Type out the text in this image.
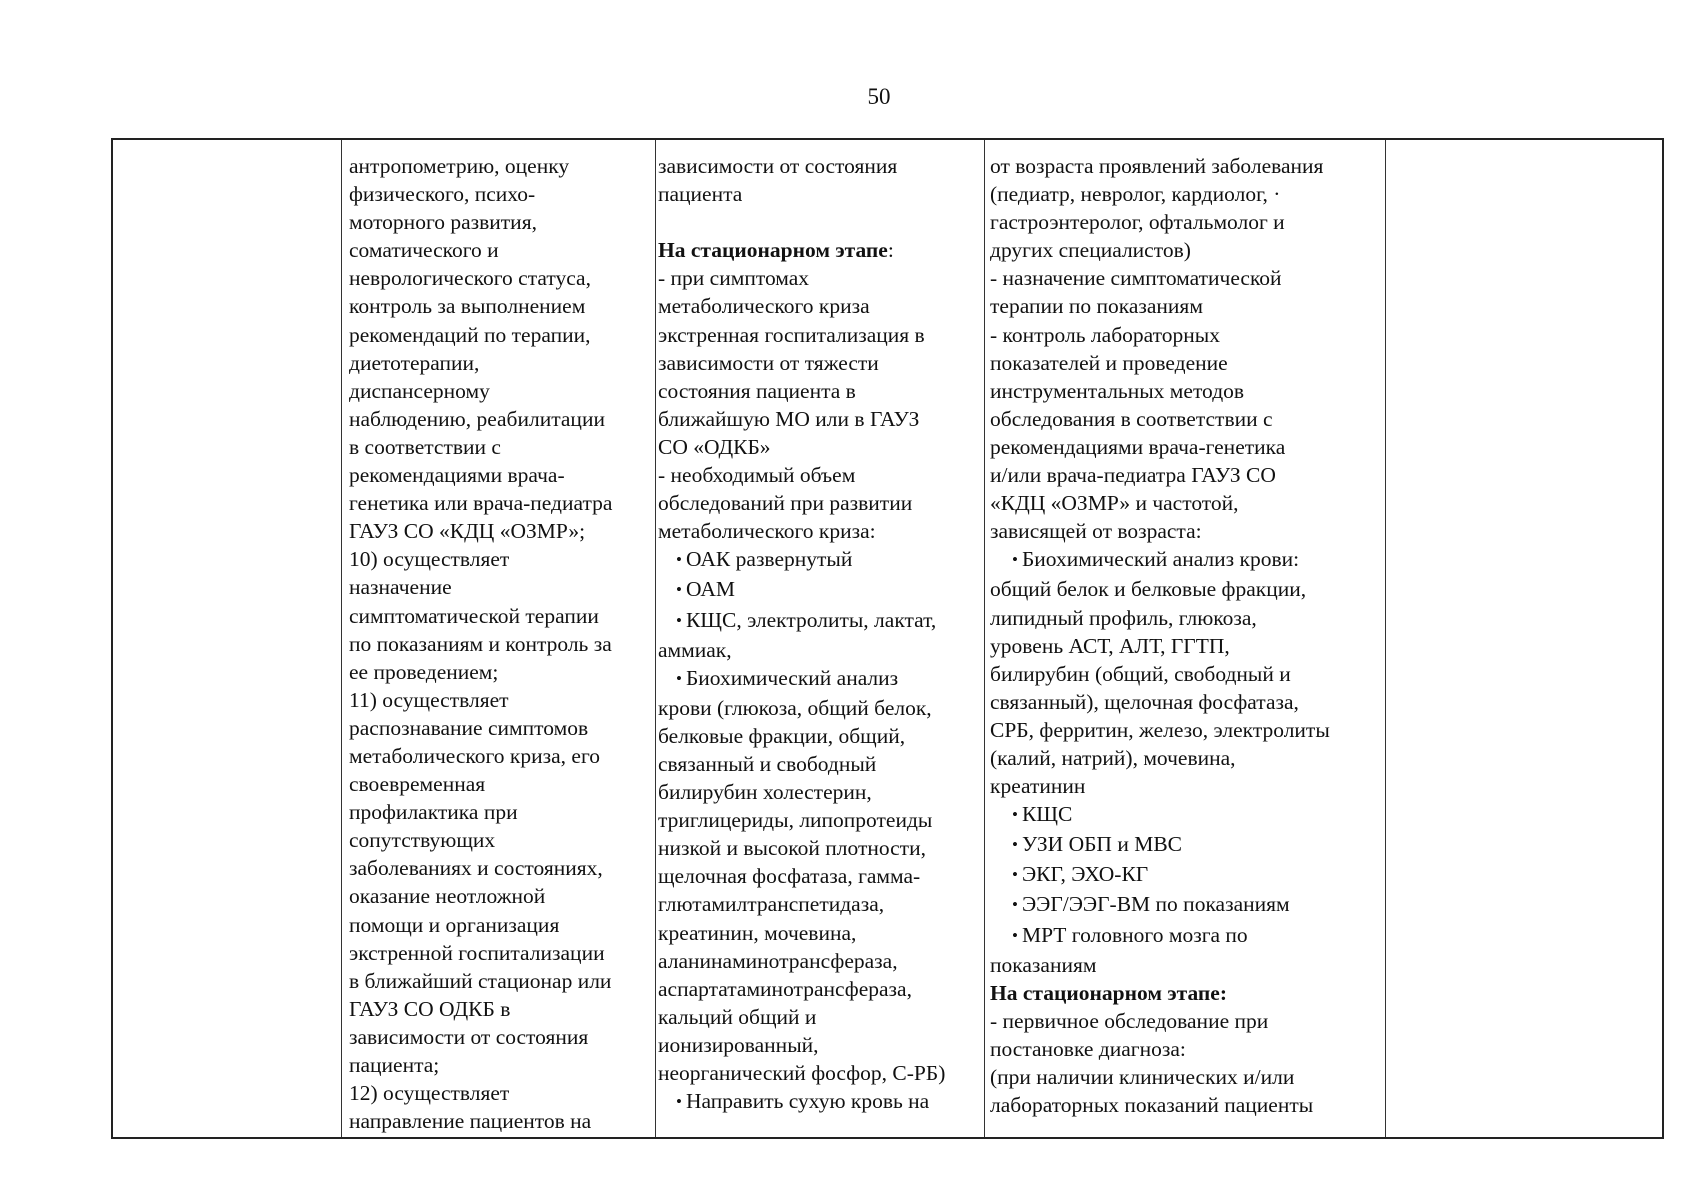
50
антропометрию, оценку
физического, психо-
моторного развития,
соматического и
неврологического статуса,
контроль за выполнением
рекомендаций по терапии,
диетотерапии,
диспансерному
наблюдению, реабилитации
в соответствии с
рекомендациями врача-
генетика или врача-педиатра
ГАУЗ СО «КДЦ «ОЗМР»;
10) осуществляет
назначение
симптоматической терапии
по показаниям и контроль за
ее проведением;
11) осуществляет
распознавание симптомов
метаболического криза, его
своевременная
профилактика при
сопутствующих
заболеваниях и состояниях,
оказание неотложной
помощи и организация
экстренной госпитализации
в ближайший стационар или
ГАУЗ СО ОДКБ в
зависимости от состояния
пациента;
12) осуществляет
направление пациентов на
зависимости от состояния
пациента
На стационарном этапе:
- при симптомах
метаболического криза
экстренная госпитализация в
зависимости от тяжести
состояния пациента в
ближайшую МО или в ГАУЗ
СО «ОДКБ»
- необходимый объем
обследований при развитии
метаболического криза:
• ОАК развернутый
• ОАМ
• КЩС, электролиты, лактат,
аммиак,
• Биохимический анализ
крови (глюкоза, общий белок,
белковые фракции, общий,
связанный и свободный
билирубин холестерин,
триглицериды, липопротеиды
низкой и высокой плотности,
щелочная фосфатаза, гамма-
глютамилтранспетидаза,
креатинин, мочевина,
аланинаминотрансфераза,
аспартатаминотрансфераза,
кальций общий и
ионизированный,
неорганический фосфор, С-РБ)
• Направить сухую кровь на
от возраста проявлений заболевания
(педиатр, невролог, кардиолог, ·
гастроэнтеролог, офтальмолог и
других специалистов)
- назначение симптоматической
терапии по показаниям
- контроль лабораторных
показателей и проведение
инструментальных методов
обследования в соответствии с
рекомендациями врача-генетика
и/или врача-педиатра ГАУЗ СО
«КДЦ «ОЗМР» и частотой,
зависящей от возраста:
• Биохимический анализ крови:
общий белок и белковые фракции,
липидный профиль, глюкоза,
уровень АСТ, АЛТ, ГГТП,
билирубин (общий, свободный и
связанный), щелочная фосфатаза,
СРБ, ферритин, железо, электролиты
(калий, натрий), мочевина,
креатинин
• КЩС
• УЗИ ОБП и МВС
• ЭКГ, ЭХО-КГ
• ЭЭГ/ЭЭГ-ВМ по показаниям
• МРТ головного мозга по
показаниям
На стационарном этапе:
- первичное обследование при
постановке диагноза:
(при наличии клинических и/или
лабораторных показаний пациенты
